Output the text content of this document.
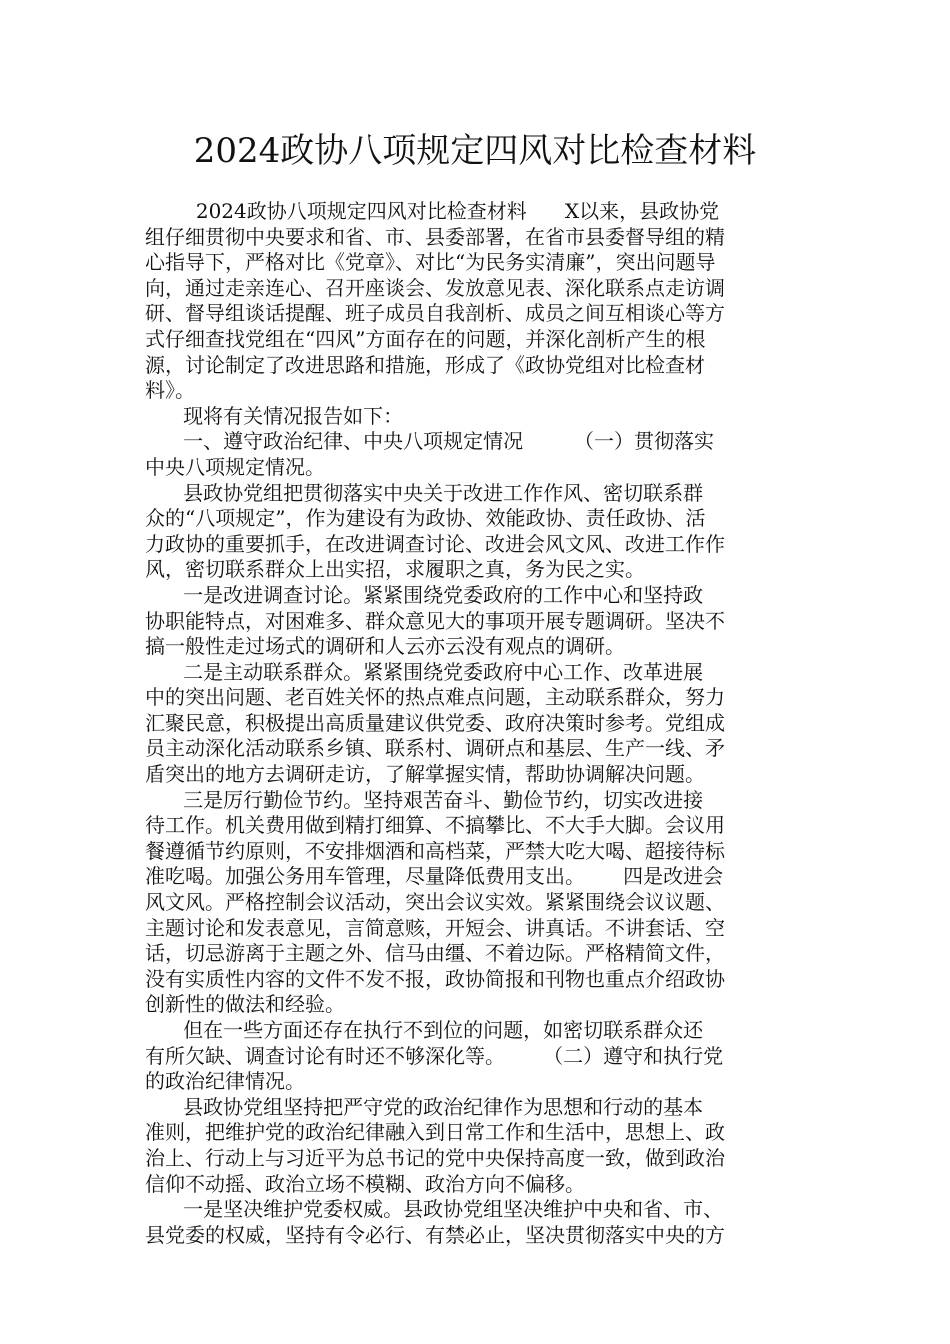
2024政协八项规定四风对比检查材料
2024政协八项规定四风对比检查材料      X以来，县政协党
组仔细贯彻中央要求和省、市、县委部署，在省市县委督导组的精
心指导下，严格对比《党章》、对比“为民务实清廉”，突出问题导
向，通过走亲连心、召开座谈会、发放意见表、深化联系点走访调
研、督导组谈话提醒、班子成员自我剖析、成员之间互相谈心等方
式仔细查找党组在“四风”方面存在的问题，并深化剖析产生的根
源，讨论制定了改进思路和措施，形成了《政协党组对比检查材
料》。
现将有关情况报告如下：
一、遵守政治纪律、中央八项规定情况        （一）贯彻落实
中央八项规定情况。
县政协党组把贯彻落实中央关于改进工作作风、密切联系群
众的“八项规定”，作为建设有为政协、效能政协、责任政协、活
力政协的重要抓手，在改进调查讨论、改进会风文风、改进工作作
风，密切联系群众上出实招，求履职之真，务为民之实。
一是改进调查讨论。紧紧围绕党委政府的工作中心和坚持政
协职能特点，对困难多、群众意见大的事项开展专题调研。坚决不
搞一般性走过场式的调研和人云亦云没有观点的调研。
二是主动联系群众。紧紧围绕党委政府中心工作、改革进展
中的突出问题、老百姓关怀的热点难点问题，主动联系群众，努力
汇聚民意，积极提出高质量建议供党委、政府决策时参考。党组成
员主动深化活动联系乡镇、联系村、调研点和基层、生产一线、矛
盾突出的地方去调研走访，了解掌握实情，帮助协调解决问题。
三是厉行勤俭节约。坚持艰苦奋斗、勤俭节约，切实改进接
待工作。机关费用做到精打细算、不搞攀比、不大手大脚。会议用
餐遵循节约原则，不安排烟酒和高档菜，严禁大吃大喝、超接待标
准吃喝。加强公务用车管理，尽量降低费用支出。      四是改进会
风文风。严格控制会议活动，突出会议实效。紧紧围绕会议议题、
主题讨论和发表意见，言简意赅，开短会、讲真话。不讲套话、空
话，切忌游离于主题之外、信马由缰、不着边际。严格精简文件，
没有实质性内容的文件不发不报，政协简报和刊物也重点介绍政协
创新性的做法和经验。
但在一些方面还存在执行不到位的问题，如密切联系群众还
有所欠缺、调查讨论有时还不够深化等。      （二）遵守和执行党
的政治纪律情况。
县政协党组坚持把严守党的政治纪律作为思想和行动的基本
准则，把维护党的政治纪律融入到日常工作和生活中，思想上、政
治上、行动上与习近平为总书记的党中央保持高度一致，做到政治
信仰不动摇、政治立场不模糊、政治方向不偏移。
一是坚决维护党委权威。县政协党组坚决维护中央和省、市、
县党委的权威，坚持有令必行、有禁必止，坚决贯彻落实中央的方
